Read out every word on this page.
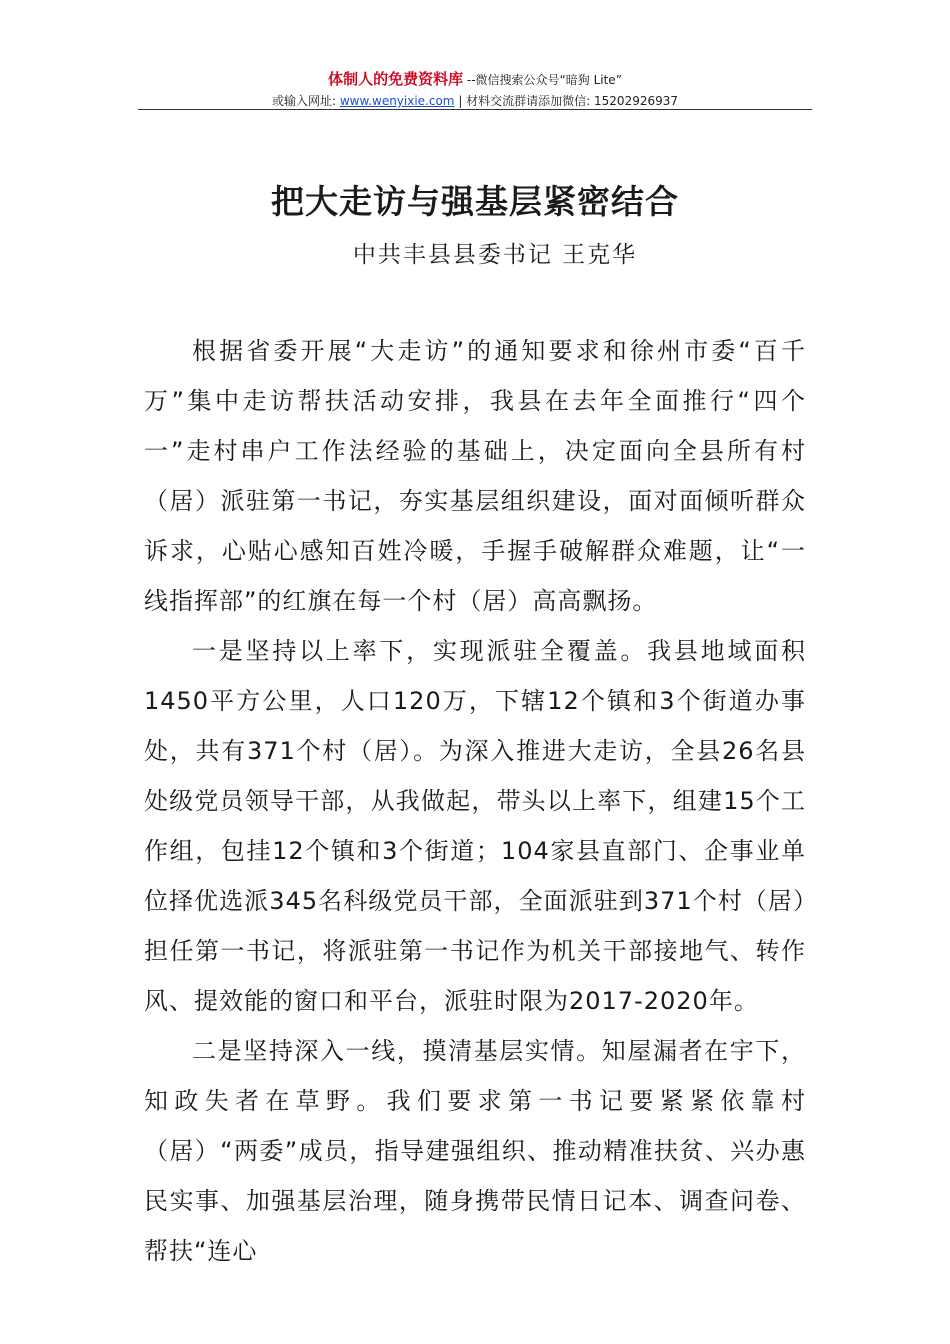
体制人的免费资料库 --微信搜索公众号“暗狗 Lite”
或输入网址: www.wenyixie.com | 材料交流群请添加微信: 15202926937
把大走访与强基层紧密结合
中共丰县县委书记 王克华

根据省委开展“大走访”的通知要求和徐州市委“百千万”集中走访帮扶活动安排，我县在去年全面推行“四个一”走村串户工作法经验的基础上，决定面向全县所有村（居）派驻第一书记，夯实基层组织建设，面对面倾听群众诉求，心贴心感知百姓冷暖，手握手破解群众难题，让“一线指挥部”的红旗在每一个村（居）高高飘扬。

一是坚持以上率下，实现派驻全覆盖。我县地域面积1450平方公里，人口120万，下辖12个镇和3个街道办事处，共有371个村（居）。为深入推进大走访，全县26名县处级党员领导干部，从我做起，带头以上率下，组建15个工作组，包挂12个镇和3个街道；104家县直部门、企事业单位择优选派345名科级党员干部，全面派驻到371个村（居）担任第一书记，将派驻第一书记作为机关干部接地气、转作风、提效能的窗口和平台，派驻时限为2017-2020年。

二是坚持深入一线，摸清基层实情。知屋漏者在宇下，知政失者在草野。我们要求第一书记要紧紧依靠村（居）“两委”成员，指导建强组织、推动精准扶贫、兴办惠民实事、加强基层治理，随身携带民情日记本、调查问卷、帮扶“连心
